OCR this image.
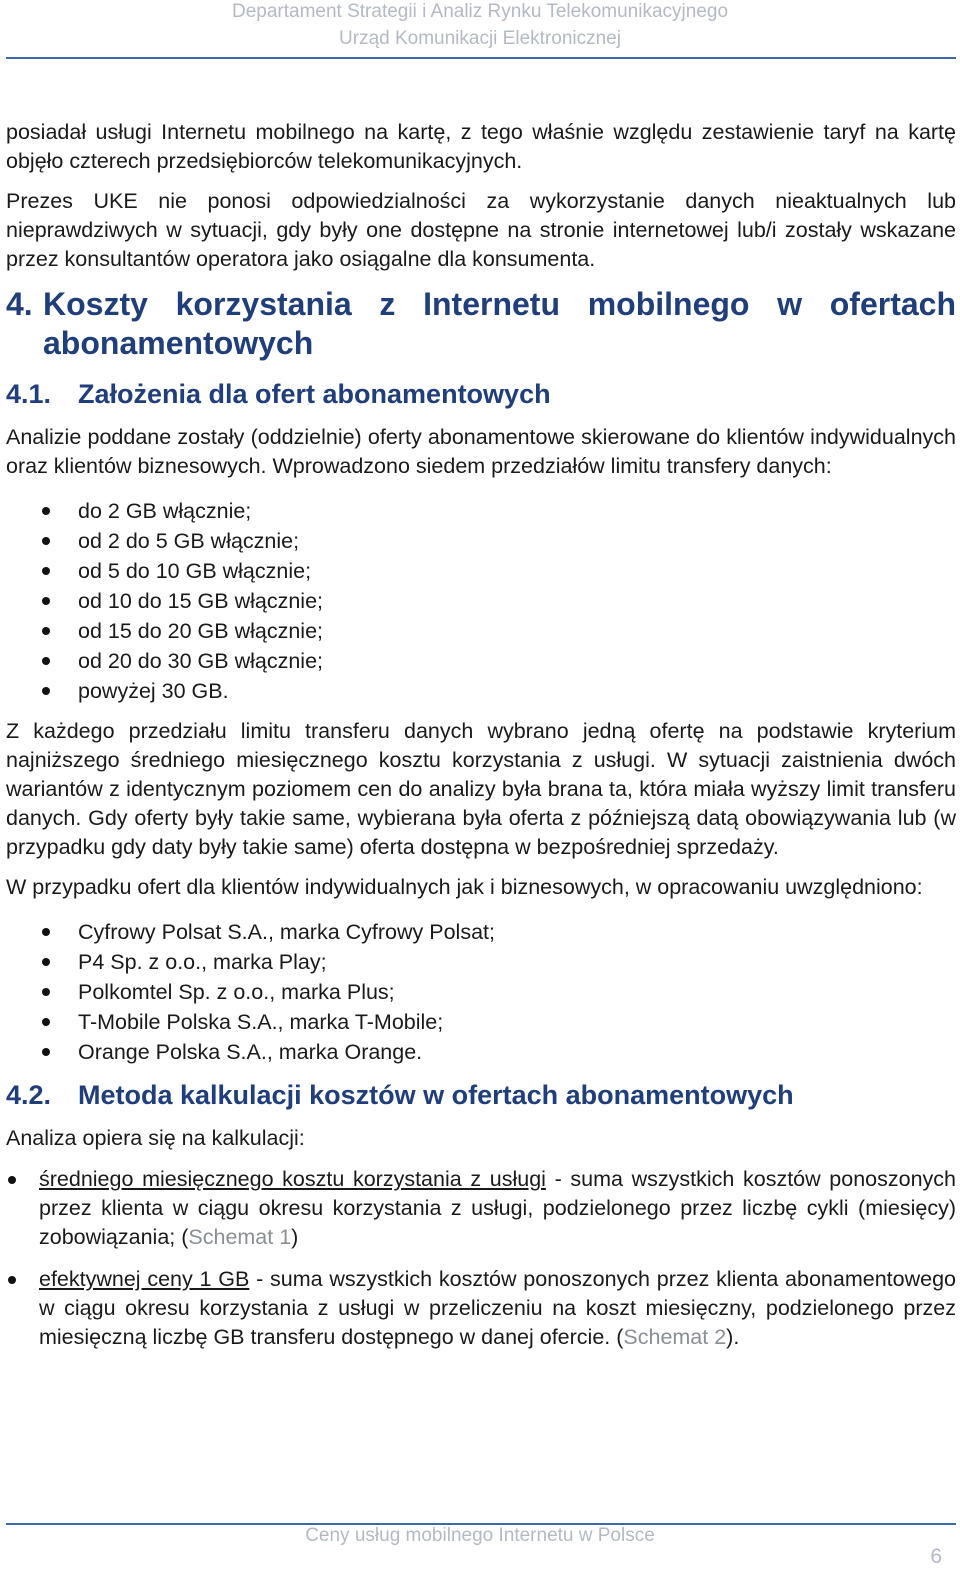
Departament Strategii i Analiz Rynku Telekomunikacyjnego
Urząd Komunikacji Elektronicznej

posiadał usługi Internetu mobilnego na kartę, z tego właśnie względu zestawienie taryf na kartę objęło czterech przedsiębiorców telekomunikacyjnych.

Prezes UKE nie ponosi odpowiedzialności za wykorzystanie danych nieaktualnych lub nieprawdziwych w sytuacji, gdy były one dostępne na stronie internetowej lub/i zostały wskazane przez konsultantów operatora jako osiągalne dla konsumenta.

4. Koszty korzystania z Internetu mobilnego w ofertach abonamentowych
4.1. Założenia dla ofert abonamentowych

Analizie poddane zostały (oddzielnie) oferty abonamentowe skierowane do klientów indywidualnych oraz klientów biznesowych. Wprowadzono siedem przedziałów limitu transfery danych:

do 2 GB włącznie;
od 2 do 5 GB włącznie;
od 5 do 10 GB włącznie;
od 10 do 15 GB włącznie;
od 15 do 20 GB włącznie;
od 20 do 30 GB włącznie;
powyżej 30 GB.

Z każdego przedziału limitu transferu danych wybrano jedną ofertę na podstawie kryterium najniższego średniego miesięcznego kosztu korzystania z usługi. W sytuacji zaistnienia dwóch wariantów z identycznym poziomem cen do analizy była brana ta, która miała wyższy limit transferu danych. Gdy oferty były takie same, wybierana była oferta z późniejszą datą obowiązywania lub (w przypadku gdy daty były takie same) oferta dostępna w bezpośredniej sprzedaży.

W przypadku ofert dla klientów indywidualnych jak i biznesowych, w opracowaniu uwzględniono:

Cyfrowy Polsat S.A., marka Cyfrowy Polsat;
P4 Sp. z o.o., marka Play;
Polkomtel Sp. z o.o., marka Plus;
T-Mobile Polska S.A., marka T-Mobile;
Orange Polska S.A., marka Orange.
4.2. Metoda kalkulacji kosztów w ofertach abonamentowych

Analiza opiera się na kalkulacji:

średniego miesięcznego kosztu korzystania z usługi - suma wszystkich kosztów ponoszonych przez klienta w ciągu okresu korzystania z usługi, podzielonego przez liczbę cykli (miesięcy) zobowiązania; (Schemat 1)
efektywnej ceny 1 GB - suma wszystkich kosztów ponoszonych przez klienta abonamentowego w ciągu okresu korzystania z usługi w przeliczeniu na koszt miesięczny, podzielonego przez miesięczną liczbę GB transferu dostępnego w danej ofercie. (Schemat 2).
Ceny usług mobilnego Internetu w Polsce
6
